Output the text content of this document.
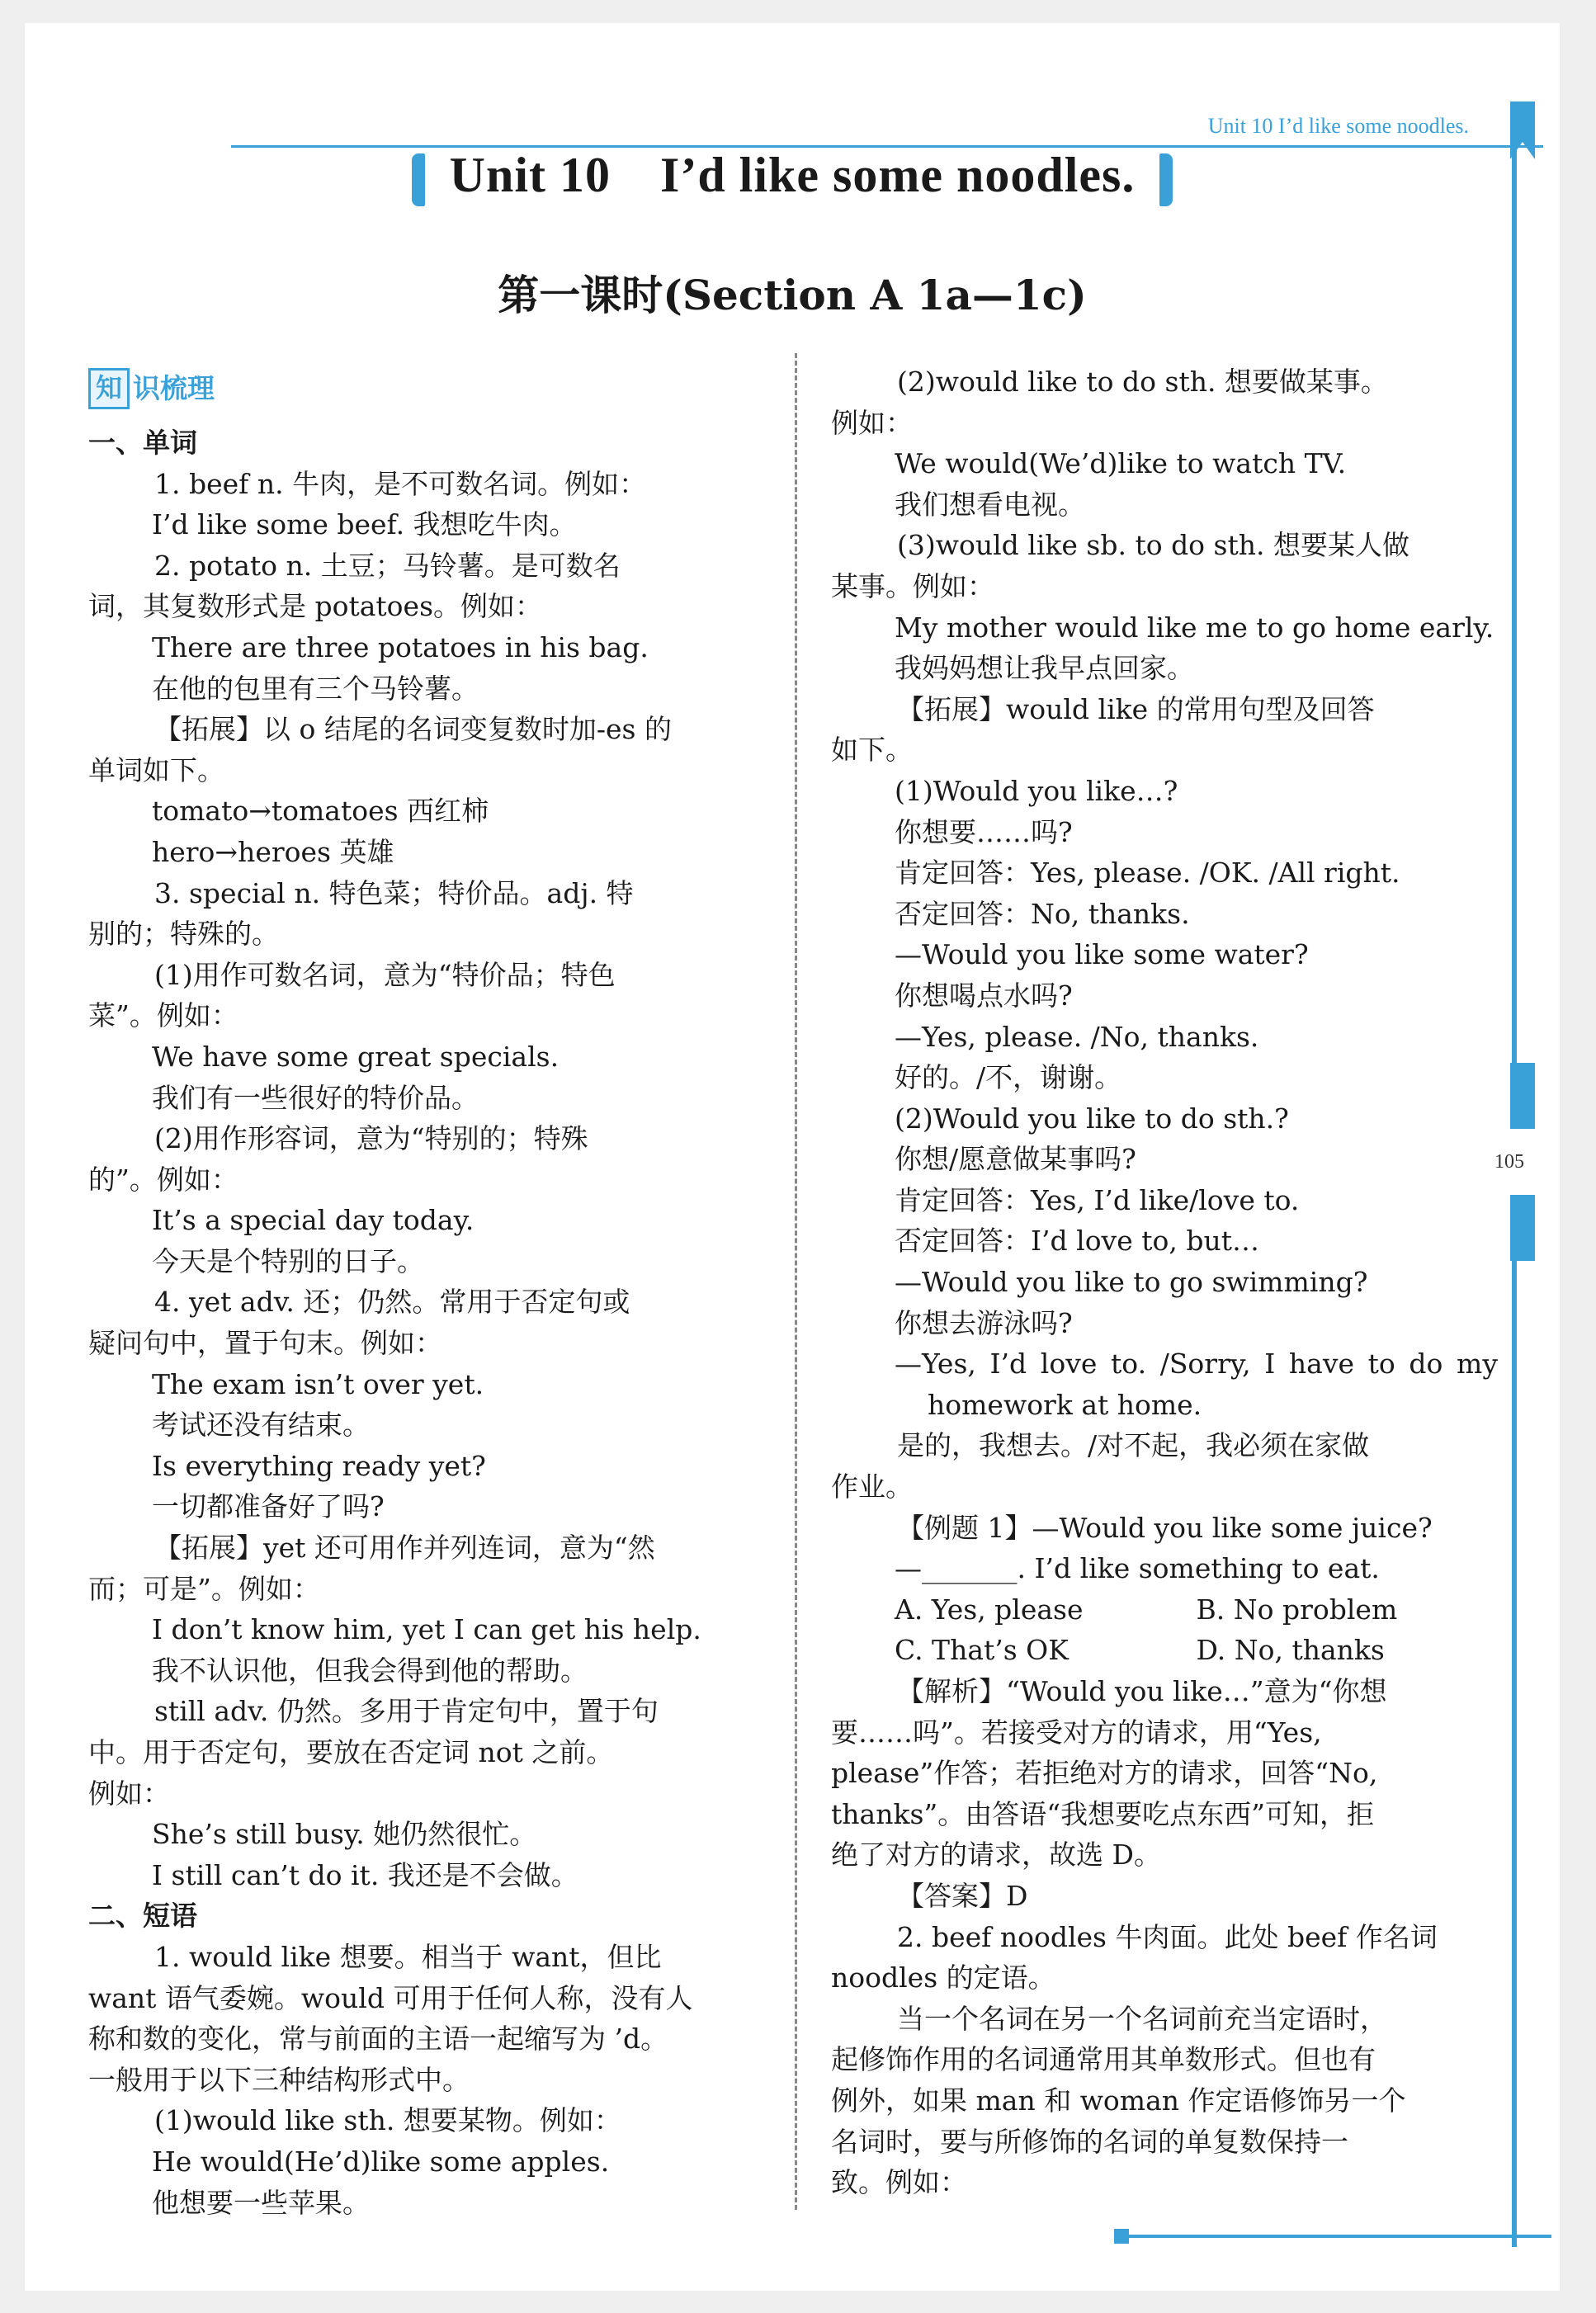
Unit 10 I’d like some noodles.
105
Unit 10 I’d like some noodles.
第一课时(Section A 1a—1c)
知 识梳理

一、单词

1. beef n. 牛肉，是不可数名词。例如：

I’d like some beef. 我想吃牛肉。

2. potato n. 土豆；马铃薯。是可数名

词，其复数形式是 potatoes。例如：

There are three potatoes in his bag.

在他的包里有三个马铃薯。

【拓展】以 o 结尾的名词变复数时加-es 的

单词如下。

tomato→tomatoes 西红柿

hero→heroes 英雄

3. special n. 特色菜；特价品。adj. 特

别的；特殊的。

(1)用作可数名词，意为“特价品；特色

菜”。例如：

We have some great specials.

我们有一些很好的特价品。

(2)用作形容词，意为“特别的；特殊

的”。例如：

It’s a special day today.

今天是个特别的日子。

4. yet adv. 还；仍然。常用于否定句或

疑问句中，置于句末。例如：

The exam isn’t over yet.

考试还没有结束。

Is everything ready yet?

一切都准备好了吗?

【拓展】yet 还可用作并列连词，意为“然

而；可是”。例如：

I don’t know him, yet I can get his help.

我不认识他，但我会得到他的帮助。

still adv. 仍然。多用于肯定句中，置于句

中。用于否定句，要放在否定词 not 之前。

例如：

She’s still busy. 她仍然很忙。

I still can’t do it. 我还是不会做。

二、短语

1. would like 想要。相当于 want，但比

want 语气委婉。would 可用于任何人称，没有人

称和数的变化，常与前面的主语一起缩写为 ’d。

一般用于以下三种结构形式中。

(1)would like sth. 想要某物。例如：

He would(He’d)like some apples.

他想要一些苹果。

(2)would like to do sth. 想要做某事。

例如：

We would(We’d)like to watch TV.

我们想看电视。

(3)would like sb. to do sth. 想要某人做

某事。例如：

My mother would like me to go home early.

我妈妈想让我早点回家。

【拓展】would like 的常用句型及回答

如下。

(1)Would you like…?

你想要……吗?

肯定回答：Yes, please. /OK. /All right.

否定回答：No, thanks.

—Would you like some water?

你想喝点水吗?

—Yes, please. /No, thanks.

好的。/不，谢谢。

(2)Would you like to do sth.?

你想/愿意做某事吗?

肯定回答：Yes, I’d like/love to.

否定回答：I’d love to, but…

—Would you like to go swimming?

你想去游泳吗?

—Yes, I’d love to. /Sorry, I have to do my homework at home.

是的，我想去。/对不起，我必须在家做

作业。

【例题 1】—Would you like some juice?

—_______. I’d like something to eat.

A. Yes, please	B. No problem

C. That’s OK	D. No, thanks

【解析】“Would you like…”意为“你想

要……吗”。若接受对方的请求，用“Yes,

please”作答；若拒绝对方的请求，回答“No,

thanks”。由答语“我想要吃点东西”可知，拒

绝了对方的请求，故选 D。

【答案】D

2. beef noodles 牛肉面。此处 beef 作名词

noodles 的定语。

当一个名词在另一个名词前充当定语时，

起修饰作用的名词通常用其单数形式。但也有

例外，如果 man 和 woman 作定语修饰另一个

名词时，要与所修饰的名词的单复数保持一

致。例如：
